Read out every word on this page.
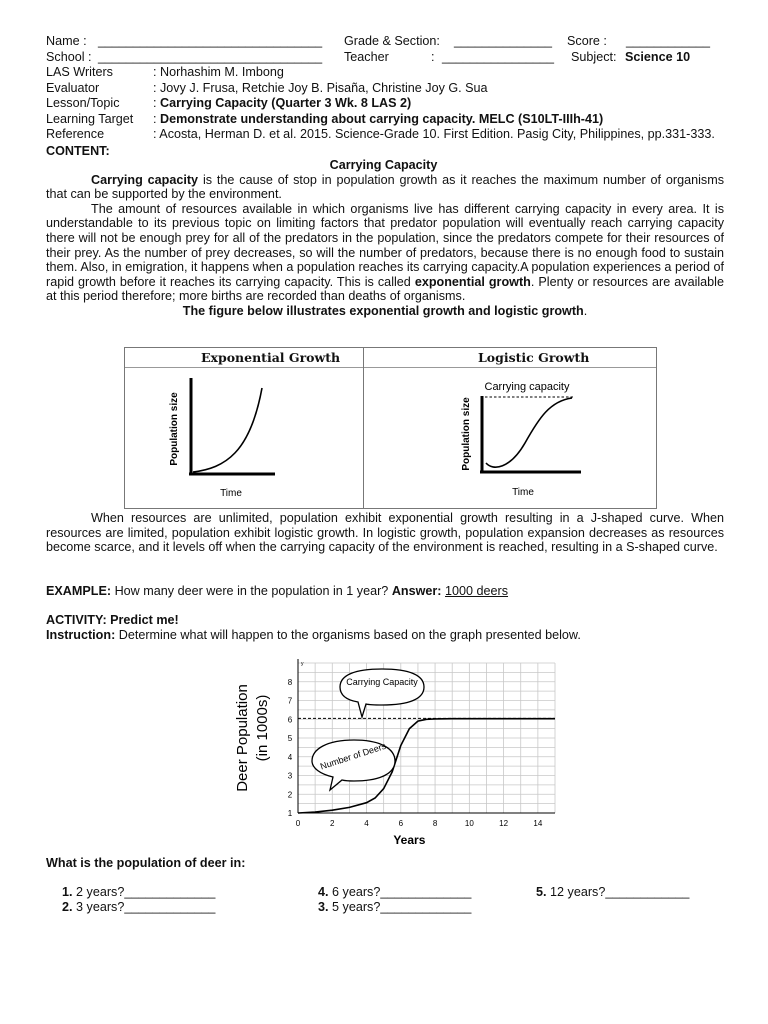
Name : ________________________________ Grade & Section: ______________ Score : ____________
School : ________________________________ Teacher	: ________________ Subject: Science 10
LAS Writers	: Norhashim M. Imbong
Evaluator	: Jovy J. Frusa, Retchie Joy B. Pisaña, Christine Joy G. Sua
Lesson/Topic	: Carrying Capacity (Quarter 3 Wk. 8 LAS 2)
Learning Target : Demonstrate understanding about carrying capacity. MELC (S10LT-IIIh-41)
Reference	: Acosta, Herman D. et al. 2015. Science-Grade 10. First Edition. Pasig City, Philippines, pp.331-333.
CONTENT:
Carrying Capacity

Carrying capacity is the cause of stop in population growth as it reaches the maximum number of organisms that can be supported by the environment.

The amount of resources available in which organisms live has different carrying capacity in every area. It is understandable to its previous topic on limiting factors that predator population will eventually reach carrying capacity there will not be enough prey for all of the predators in the population, since the predators compete for their resources of their prey. As the number of prey decreases, so will the number of predators, because there is no enough food to sustain them. Also, in emigration, it happens when a population reaches its carrying capacity.A population experiences a period of rapid growth before it reaches its carrying capacity. This is called exponential growth. Plenty or resources are available at this period therefore; more births are recorded than deaths of organisms.

The figure below illustrates exponential growth and logistic growth.
Exponential Growth	Logistic Growth
Population size
Time
Population size
Time
Carrying capacity

When resources are unlimited, population exhibit exponential growth resulting in a J-shaped curve. When resources are limited, population exhibit logistic growth. In logistic growth, population expansion decreases as resources become scarce, and it levels off when the carrying capacity of the environment is reached, resulting in a S-shaped curve.

EXAMPLE: How many deer were in the population in 1 year? Answer: 1000 deers
ACTIVITY: Predict me!
Instruction: Determine what will happen to the organisms based on the graph presented below.
0	2	4	6	8	10	12	14
1
2
3
4
5
6
7
8
y
Deer Population (in 1000s)
Years
Carrying Capacity
Number of Deers
What is the population of deer in:
1. 2 years?_____________	4. 6 years?_____________	5. 12 years?____________
2. 3 years?_____________	3. 5 years?_____________
